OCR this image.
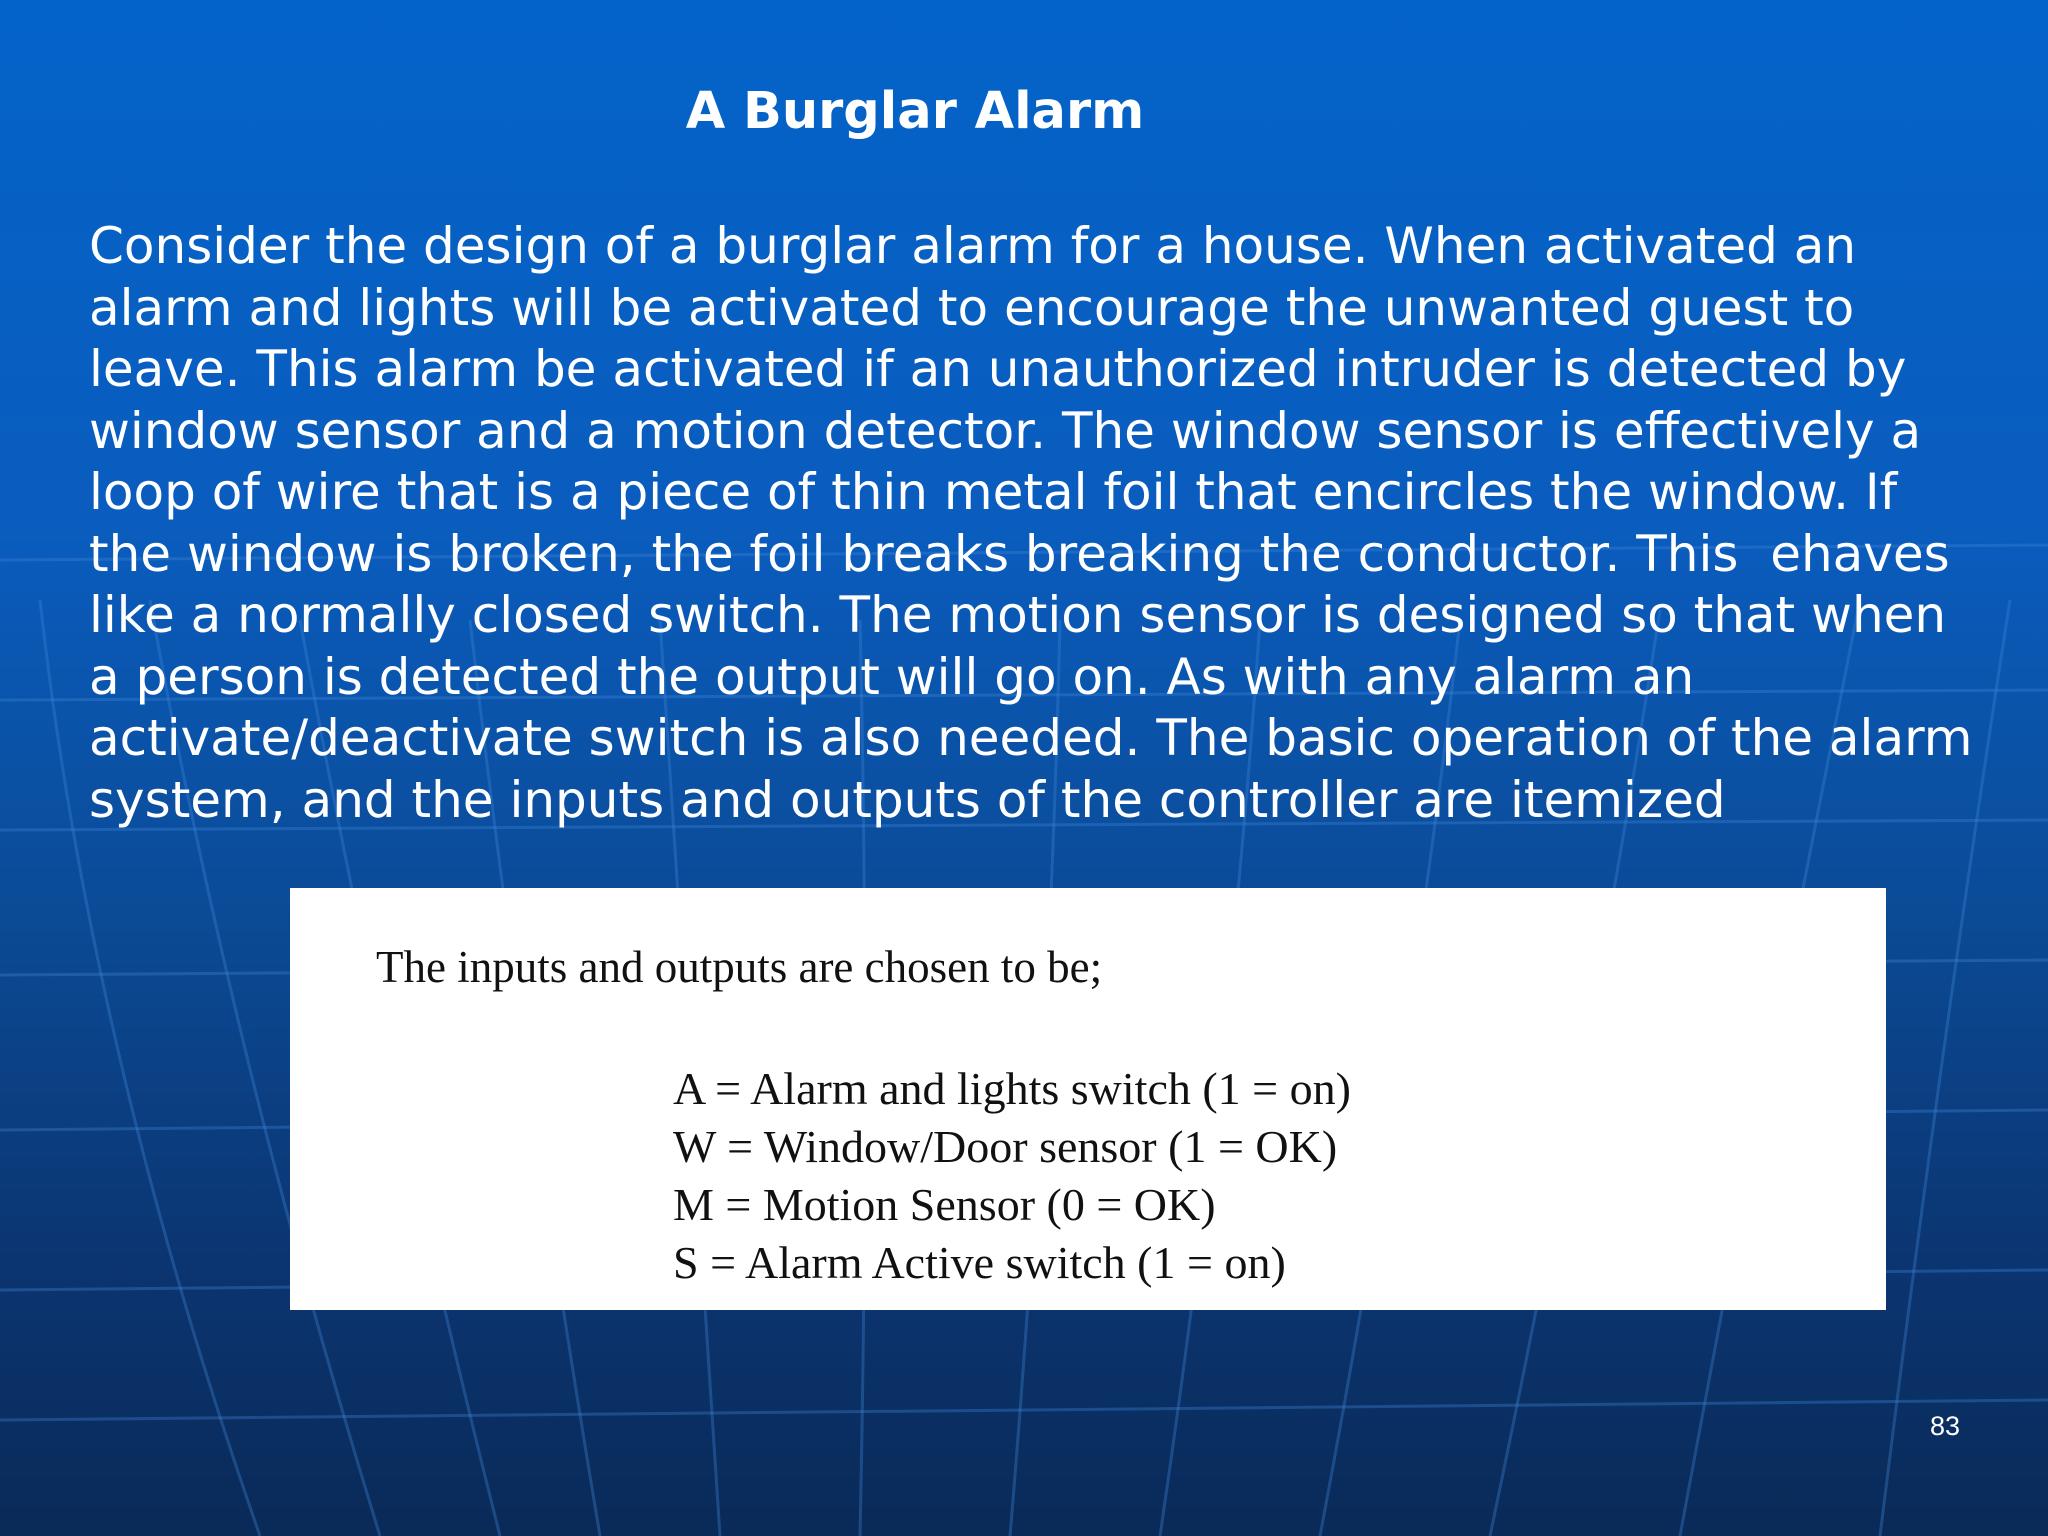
A Burglar Alarm
Consider the design of a burglar alarm for a house. When activated an
alarm and lights will be activated to encourage the unwanted guest to
leave. This alarm be activated if an unauthorized intruder is detected by
window sensor and a motion detector. The window sensor is effectively a
loop of wire that is a piece of thin metal foil that encircles the window. If
the window is broken, the foil breaks breaking the conductor. This  ehaves
like a normally closed switch. The motion sensor is designed so that when
a person is detected the output will go on. As with any alarm an
activate/deactivate switch is also needed. The basic operation of the alarm
system, and the inputs and outputs of the controller are itemized

The inputs and outputs are chosen to be;

A = Alarm and lights switch (1 = on)
W = Window/Door sensor (1 = OK)
M = Motion Sensor (0 = OK)
S = Alarm Active switch (1 = on)
83
